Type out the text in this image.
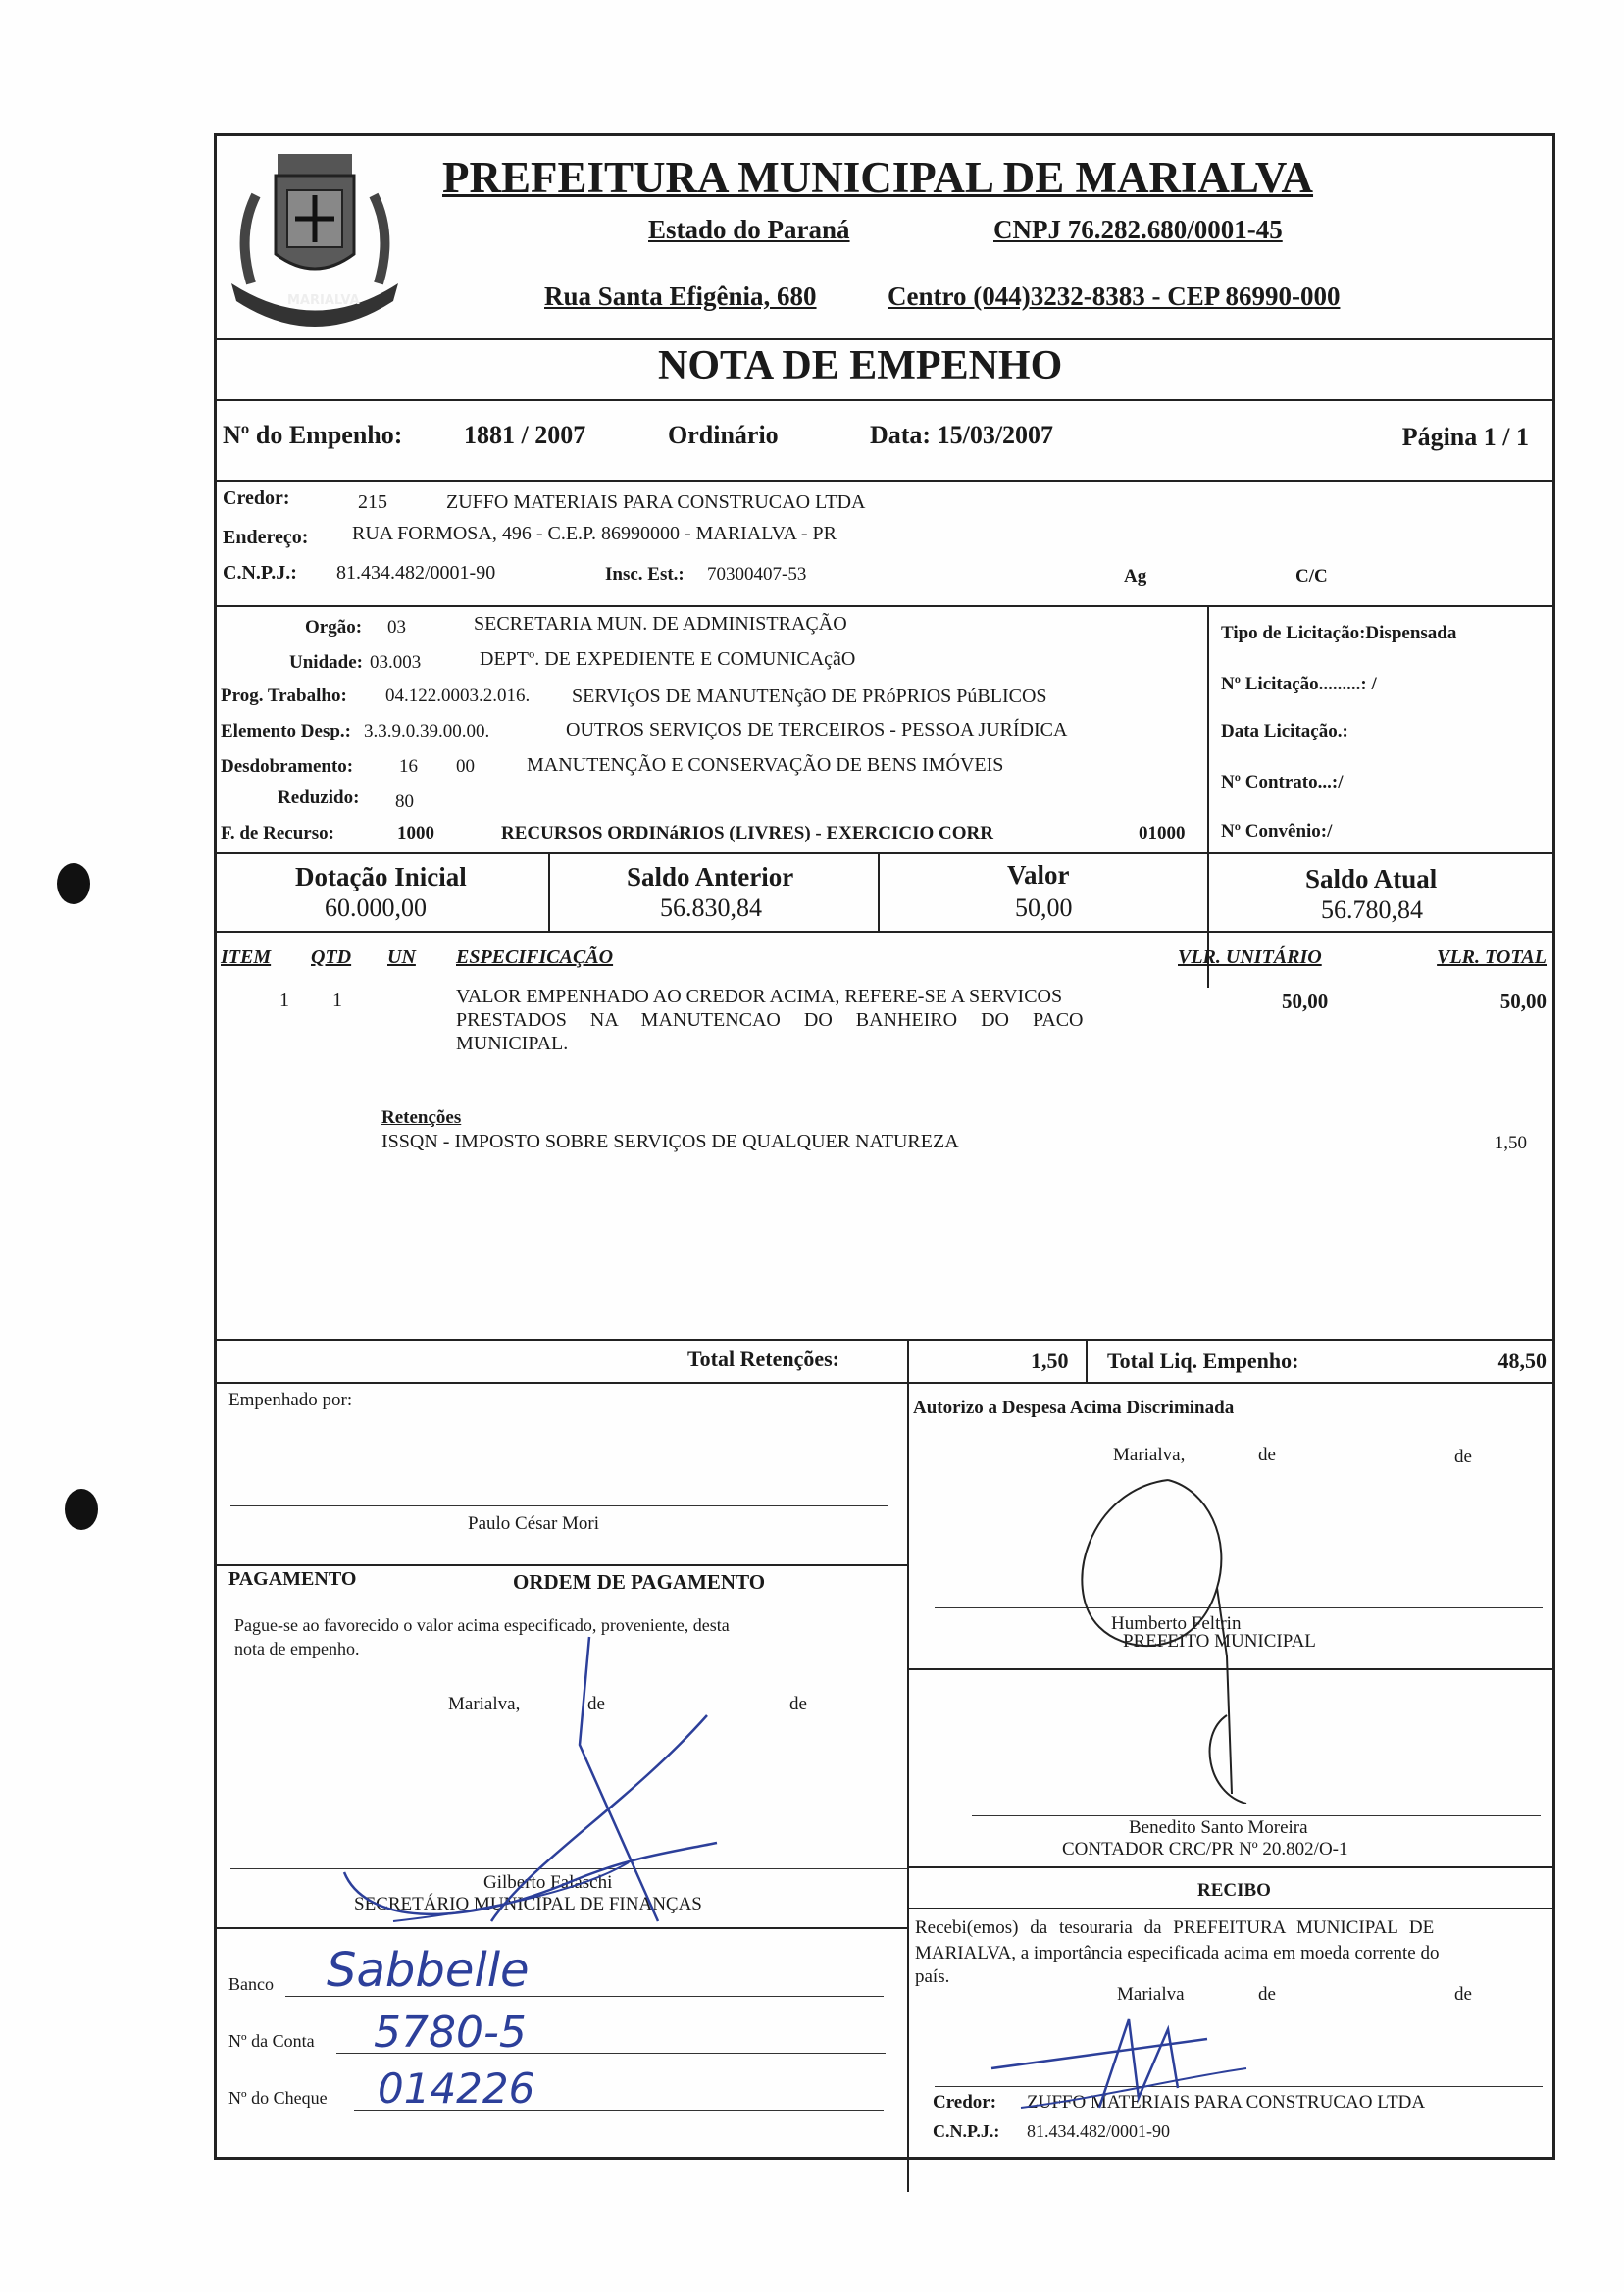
MARIALVA
PREFEITURA MUNICIPAL DE MARIALVA
Estado do Paraná	CNPJ 76.282.680/0001-45
Rua Santa Efigênia, 680	Centro (044)3232-8383 - CEP 86990-000
NOTA DE EMPENHO
Nº do Empenho: 1881 / 2007	Ordinário	Data: 15/03/2007	Página 1 / 1
Credor:	215	ZUFFO MATERIAIS PARA CONSTRUCAO LTDA
Endereço: RUA FORMOSA, 496 - C.E.P. 86990000 - MARIALVA - PR
C.N.P.J.: 81.434.482/0001-90	Insc. Est.: 70300407-53	Ag	C/C
Orgão: 03	SECRETARIA MUN. DE ADMINISTRAÇÃO
Unidade: 03.003	DEPTº. DE EXPEDIENTE E COMUNICAçãO
Prog. Trabalho: 04.122.0003.2.016. SERVIçOS DE MANUTENçãO DE PRóPRIOS PúBLICOS
Elemento Desp.: 3.3.9.0.39.00.00.	OUTROS SERVIÇOS DE TERCEIROS - PESSOA JURÍDICA
Desdobramento: 16 00	MANUTENÇÃO E CONSERVAÇÃO DE BENS IMÓVEIS
Reduzido: 80
F. de Recurso:	1000	RECURSOS ORDINáRIOS (LIVRES) - EXERCICIO CORR	01000
Tipo de Licitação:Dispensada
Nº Licitação.........: /
Data Licitação.:
Nº Contrato...:/
Nº Convênio:/
Dotação Inicial
60.000,00
Saldo Anterior
56.830,84
Valor
50,00
Saldo Atual
56.780,84
ITEM QTD UN ESPECIFICAÇÃO	VLR. UNITÁRIO	VLR. TOTAL
1 1	VALOR EMPENHADO AO CREDOR ACIMA, REFERE-SE A SERVICOS
PRESTADOS NA MANUTENCAO DO BANHEIRO DO PACO
MUNICIPAL.
50,00	50,00
Retenções
ISSQN - IMPOSTO SOBRE SERVIÇOS DE QUALQUER NATUREZA	1,50
Total Retenções:	1,50 Total Liq. Empenho:	48,50
Empenhado por:
Paulo César Mori
PAGAMENTO	ORDEM DE PAGAMENTO
Pague-se ao favorecido o valor acima especificado, proveniente, desta
nota de empenho.
Marialva,	de	de
Gilberto Falaschi
SECRETÁRIO MUNICIPAL DE FINANÇAS
Banco Sabbelle
Nº da Conta 5780-5
Nº do Cheque 014226
Autorizo a Despesa Acima Discriminada
Marialva,	de	de
Humberto Feltrin
PREFEITO MUNICIPAL
Benedito Santo Moreira
CONTADOR CRC/PR Nº 20.802/O-1
RECIBO
Recebi(emos) da tesouraria da PREFEITURA MUNICIPAL DE
MARIALVA, a importância especificada acima em moeda corrente do
país.
Marialva	de	de
Credor: ZUFFO MATERIAIS PARA CONSTRUCAO LTDA
C.N.P.J.: 81.434.482/0001-90
